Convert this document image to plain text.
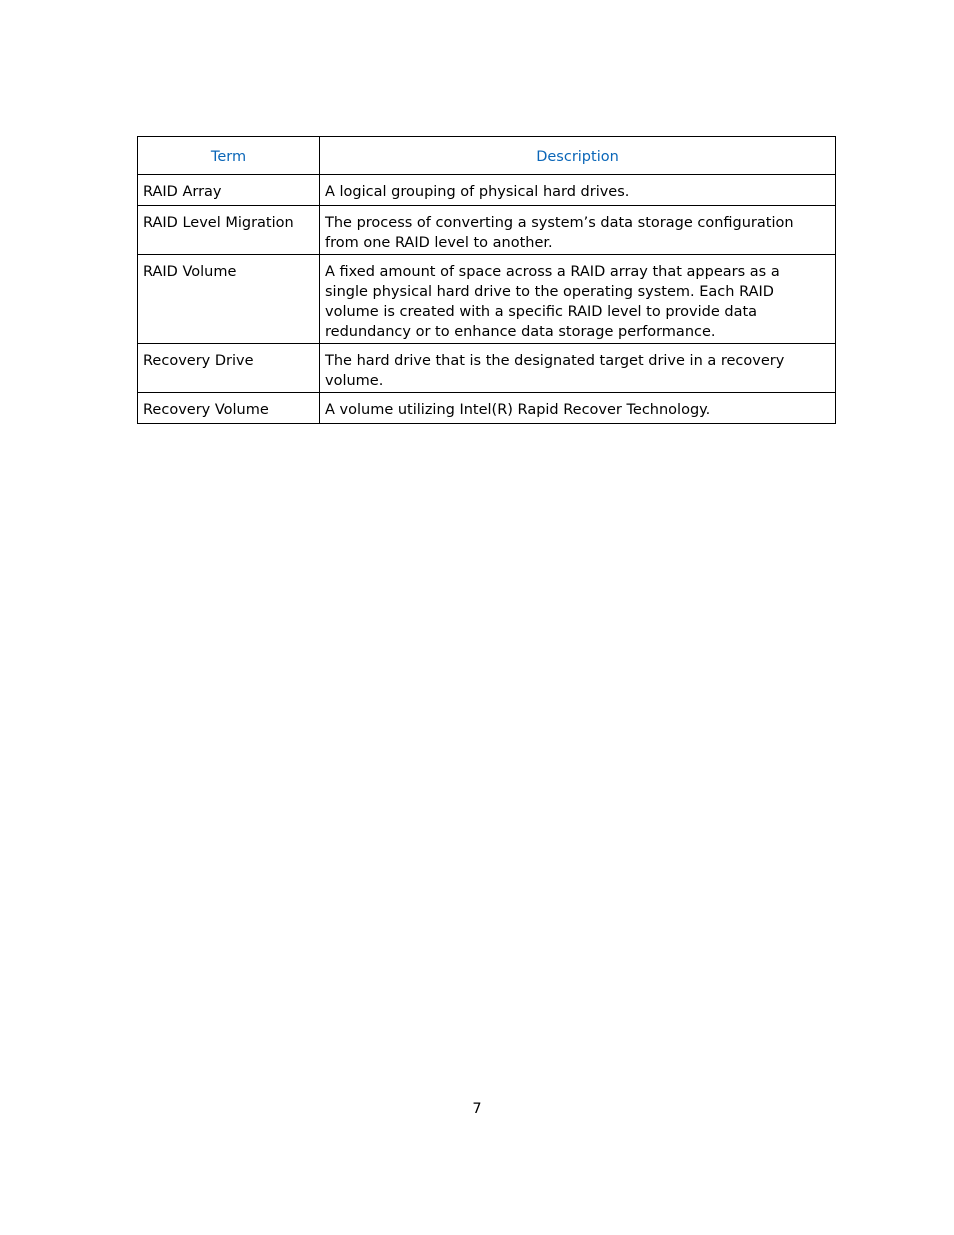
Term	Description
RAID Array	A logical grouping of physical hard drives.
RAID Level Migration	The process of converting a system’s data storage configuration from one RAID level to another.
RAID Volume	A fixed amount of space across a RAID array that appears as a single physical hard drive to the operating system. Each RAID volume is created with a specific RAID level to provide data redundancy or to enhance data storage performance.
Recovery Drive	The hard drive that is the designated target drive in a recovery volume.
Recovery Volume	A volume utilizing Intel(R) Rapid Recover Technology.
7
